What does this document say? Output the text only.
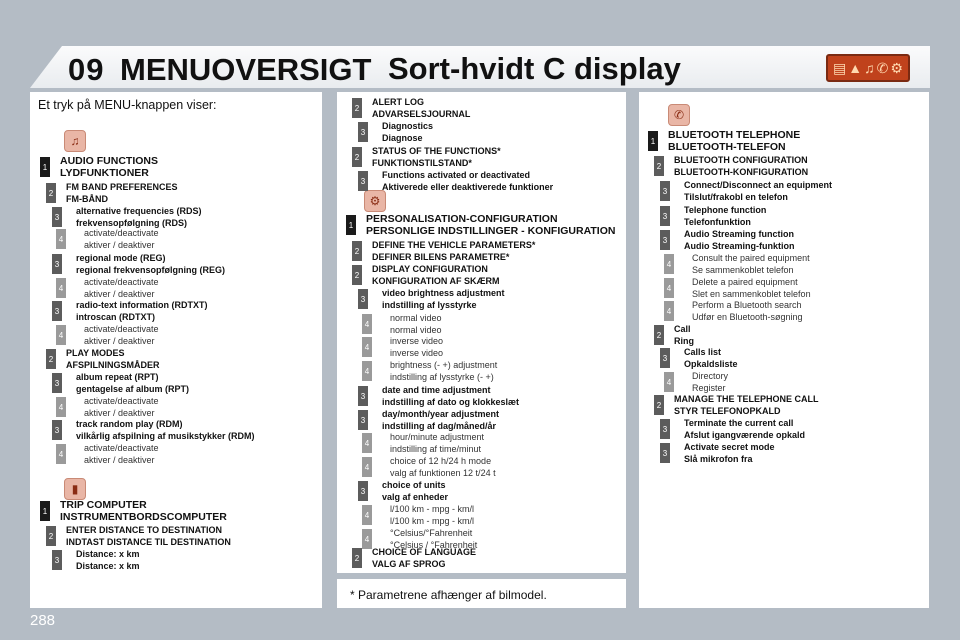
09 MENUOVERSIGT Sort-hvidt C display	▤ ▲ ♫ ✆ ⚙
Et tryk på MENU-knappen viser:
* Parametrene afhænger af bilmodel.
288
♫
▮
⚙
✆
1 AUDIO FUNCTIONS
LYDFUNKTIONER
2
FM BAND PREFERENCES
FM-BÅND
3
alternative frequencies (RDS)
frekvensopfølgning (RDS)
4
activate/deactivate
aktiver / deaktiver
3
regional mode (REG)
regional frekvensopfølgning (REG)
4
activate/deactivate
aktiver / deaktiver
3
radio-text information (RDTXT)
introscan (RDTXT)
4
activate/deactivate
aktiver / deaktiver
2
PLAY MODES
AFSPILNINGSMÅDER
3
album repeat (RPT)
gentagelse af album (RPT)
4
activate/deactivate
aktiver / deaktiver
3
track random play (RDM)
vilkårlig afspilning af musikstykker (RDM)
4
activate/deactivate
aktiver / deaktiver
1 TRIP COMPUTER
INSTRUMENTBORDSCOMPUTER
2
ENTER DISTANCE TO DESTINATION
INDTAST DISTANCE TIL DESTINATION
3
Distance: x km
Distance: x km
2
ALERT LOG
ADVARSELSJOURNAL
3
Diagnostics
Diagnose
2
STATUS OF THE FUNCTIONS*
FUNKTIONSTILSTAND*
3
Functions activated or deactivated
Aktiverede eller deaktiverede funktioner
1 PERSONALISATION-CONFIGURATION
PERSONLIGE INDSTILLINGER - KONFIGURATION
2
DEFINE THE VEHICLE PARAMETERS*
DEFINER BILENS PARAMETRE*
2
DISPLAY CONFIGURATION
KONFIGURATION AF SKÆRM
3
video brightness adjustment
indstilling af lysstyrke
4
normal video
normal video
4
inverse video
inverse video
4
brightness (- +) adjustment
indstilling af lysstyrke (- +)
3
date and time adjustment
indstilling af dato og klokkeslæt
3
day/month/year adjustment
indstilling af dag/måned/år
4
hour/minute adjustment
indstilling af time/minut
4
choice of 12 h/24 h mode
valg af funktionen 12 t/24 t
3
choice of units
valg af enheder
4
l/100 km - mpg - km/l
l/100 km - mpg - km/l
4
°Celsius/°Fahrenheit
°Celsius / °Fahrenheit
2
CHOICE OF LANGUAGE
VALG AF SPROG
1 BLUETOOTH TELEPHONE
BLUETOOTH-TELEFON
2
BLUETOOTH CONFIGURATION
BLUETOOTH-KONFIGURATION
3
Connect/Disconnect an equipment
Tilslut/frakobl en telefon
3
Telephone function
Telefonfunktion
3
Audio Streaming function
Audio Streaming-funktion
4
Consult the paired equipment
Se sammenkoblet telefon
4
Delete a paired equipment
Slet en sammenkoblet telefon
4
Perform a Bluetooth search
Udfør en Bluetooth-søgning
2
Call
Ring
3
Calls list
Opkaldsliste
4
Directory
Register
2
MANAGE THE TELEPHONE CALL
STYR TELEFONOPKALD
3
Terminate the current call
Afslut igangværende opkald
3
Activate secret mode
Slå mikrofon fra
